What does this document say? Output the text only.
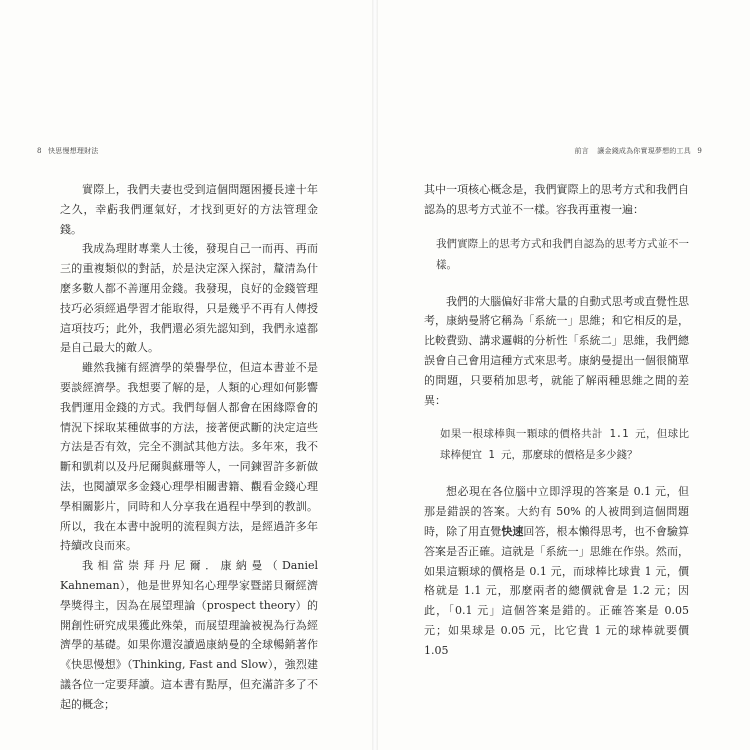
8 快思慢想理財法

實際上，我們夫妻也受到這個問題困擾長達十年之久，幸虧我們運氣好，才找到更好的方法管理金錢。

我成為理財專業人士後，發現自己一而再、再而三的重複類似的對話，於是決定深入探討，釐清為什麼多數人都不善運用金錢。我發現，良好的金錢管理技巧必須經過學習才能取得，只是幾乎不再有人傳授這項技巧；此外，我們還必須先認知到，我們永遠都是自己最大的敵人。

雖然我擁有經濟學的榮譽學位，但這本書並不是要談經濟學。我想要了解的是，人類的心理如何影響我們運用金錢的方式。我們每個人都會在困緣際會的情況下採取某種做事的方法，接著便武斷的決定這些方法是否有效，完全不測試其他方法。多年來，我不斷和凱莉以及丹尼爾與蘇珊等人，一同鍊習許多新做法，也閱讀眾多金錢心理學相關書籍、觀看金錢心理學相關影片，同時和人分享我在過程中學到的教訓。所以，我在本書中說明的流程與方法，是經過許多年持續改良而來。

我相當崇拜丹尼爾．康納曼（Daniel Kahneman），他是世界知名心理學家暨諾貝爾經濟學獎得主，因為在展望理論（prospect theory）的開創性研究成果獲此殊榮，而展望理論被視為行為經濟學的基礎。如果你還沒讀過康納曼的全球暢銷著作《快思慢想》（Thinking, Fast and Slow），強烈建議各位一定要拜讀。這本書有點厚，但充滿許多了不起的概念；

前言 讓金錢成為你實現夢想的工具 9

其中一項核心概念是，我們實際上的思考方式和我們自認為的思考方式並不一樣。容我再重複一遍：

我們實際上的思考方式和我們自認為的思考方式並不一樣。

我們的大腦偏好非常大量的自動式思考或直覺性思考，康納曼將它稱為「系統一」思維；和它相反的是，比較費勁、講求邏輯的分析性「系統二」思維，我們總誤會自己會用這種方式來思考。康納曼提出一個很簡單的問題，只要稍加思考，就能了解兩種思維之間的差異：

如果一根球棒與一顆球的價格共計 1.1 元，但球比球棒便宜 1 元，那麼球的價格是多少錢？

想必現在各位腦中立即浮現的答案是 0.1 元，但那是錯誤的答案。大約有 50% 的人被問到這個問題時，除了用直覺快速回答，根本懶得思考，也不會驗算答案是否正確。這就是「系統一」思維在作祟。然而，如果這顆球的價格是 0.1 元，而球棒比球貴 1 元，價格就是 1.1 元，那麼兩者的總價就會是 1.2 元；因此，「0.1 元」這個答案是錯的。正確答案是 0.05 元；如果球是 0.05 元，比它貴 1 元的球棒就要價 1.05
